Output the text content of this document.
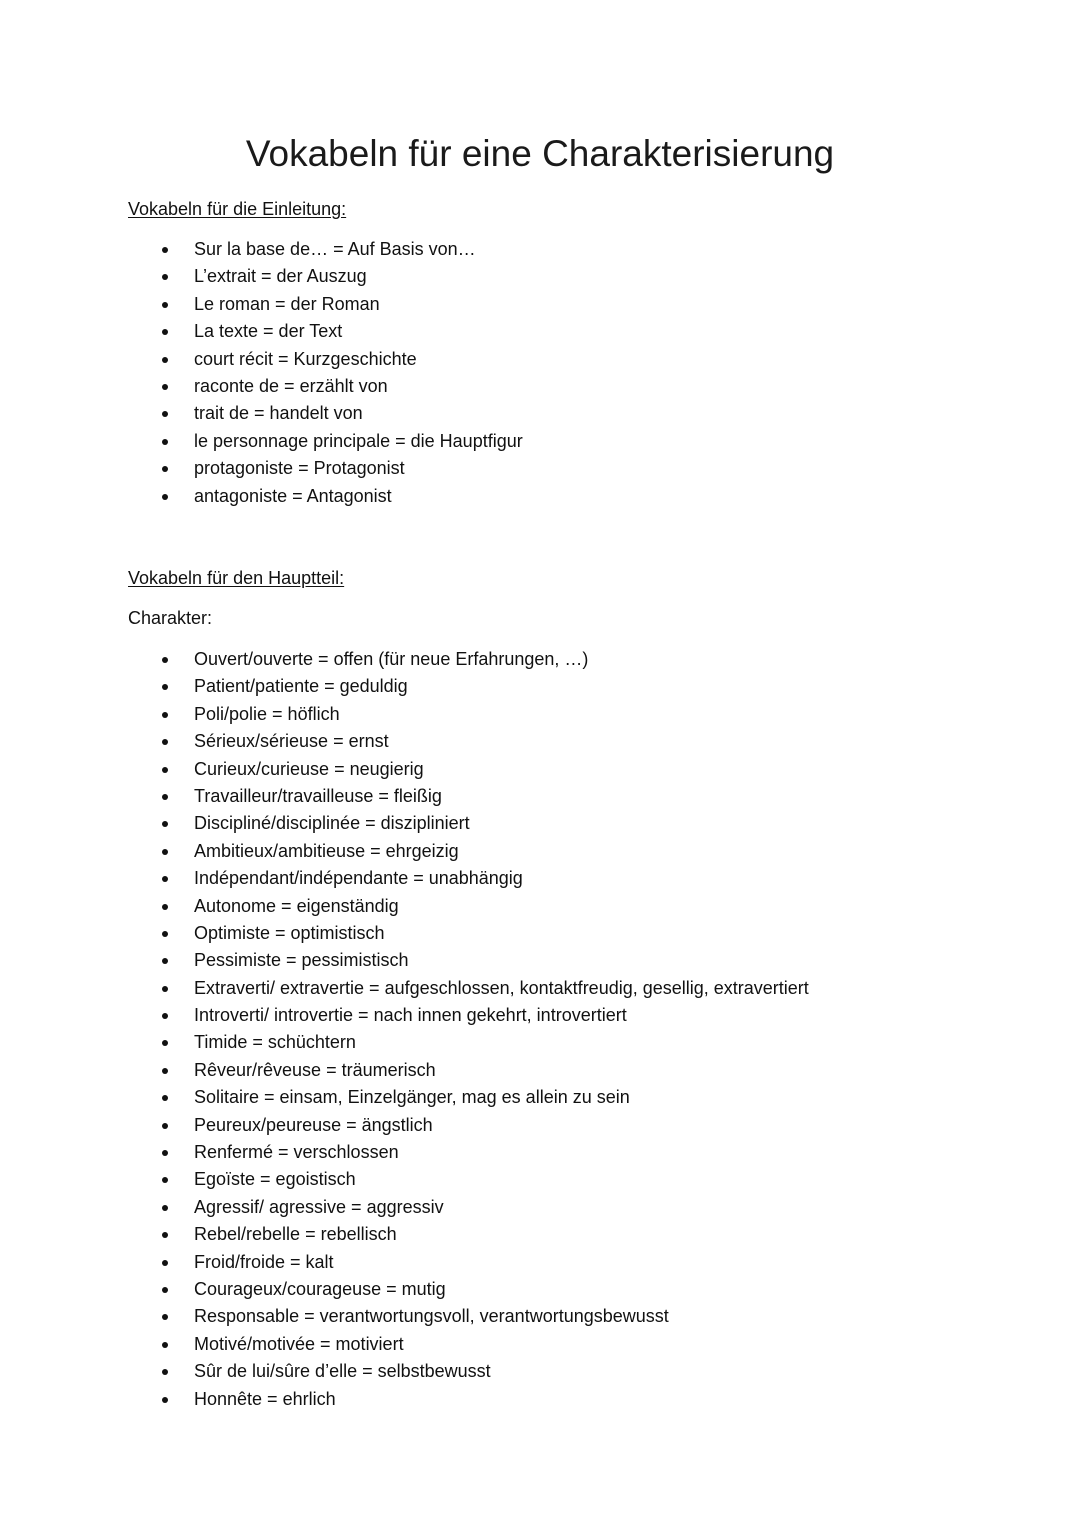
Vokabeln für eine Charakterisierung
Vokabeln für die Einleitung:
Sur la base de… = Auf Basis von…
L’extrait = der Auszug
Le roman = der Roman
La texte = der Text
court récit = Kurzgeschichte
raconte de = erzählt von
trait de = handelt von
le personnage principale = die Hauptfigur
protagoniste = Protagonist
antagoniste = Antagonist
Vokabeln für den Hauptteil:

Charakter:

Ouvert/ouverte = offen (für neue Erfahrungen, …)
Patient/patiente = geduldig
Poli/polie = höflich
Sérieux/sérieuse = ernst
Curieux/curieuse = neugierig
Travailleur/travailleuse = fleißig
Discipliné/disciplinée = diszipliniert
Ambitieux/ambitieuse = ehrgeizig
Indépendant/indépendante = unabhängig
Autonome = eigenständig
Optimiste = optimistisch
Pessimiste = pessimistisch
Extraverti/ extravertie = aufgeschlossen, kontaktfreudig, gesellig, extravertiert
Introverti/ introvertie = nach innen gekehrt, introvertiert
Timide = schüchtern
Rêveur/rêveuse = träumerisch
Solitaire = einsam, Einzelgänger, mag es allein zu sein
Peureux/peureuse = ängstlich
Renfermé = verschlossen
Egoïste = egoistisch
Agressif/ agressive = aggressiv
Rebel/rebelle = rebellisch
Froid/froide = kalt
Courageux/courageuse = mutig
Responsable = verantwortungsvoll, verantwortungsbewusst
Motivé/motivée = motiviert
Sûr de lui/sûre d’elle = selbstbewusst
Honnête = ehrlich
